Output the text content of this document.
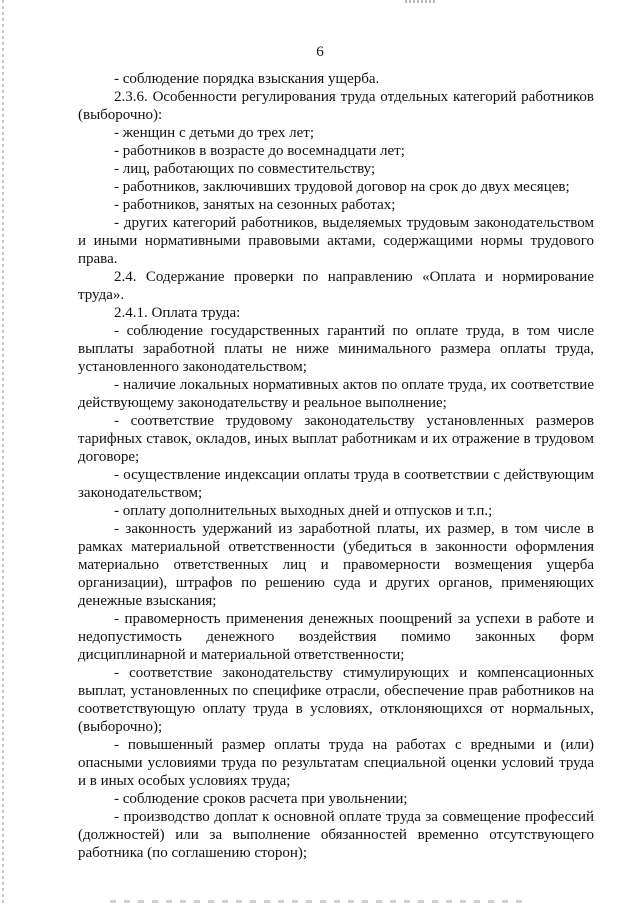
6

- соблюдение порядка взыскания ущерба.

2.3.6. Особенности регулирования труда отдельных категорий работников (выборочно):

- женщин с детьми до трех лет;

- работников в возрасте до восемнадцати лет;

- лиц, работающих по совместительству;

- работников, заключивших трудовой договор на срок до двух месяцев;

- работников, занятых на сезонных работах;

- других категорий работников, выделяемых трудовым законодательством и иными нормативными правовыми актами, содержащими нормы трудового права.

2.4. Содержание проверки по направлению «Оплата и нормирование труда».

2.4.1. Оплата труда:

- соблюдение государственных гарантий по оплате труда, в том числе выплаты заработной платы не ниже минимального размера оплаты труда, установленного законодательством;

- наличие локальных нормативных актов по оплате труда, их соответствие действующему законодательству и реальное выполнение;

- соответствие трудовому законодательству установленных размеров тарифных ставок, окладов, иных выплат работникам и их отражение в трудовом договоре;

- осуществление индексации оплаты труда в соответствии с действующим законодательством;

- оплату дополнительных выходных дней и отпусков и т.п.;

- законность удержаний из заработной платы, их размер, в том числе в рамках материальной ответственности (убедиться в законности оформления материально ответственных лиц и правомерности возмещения ущерба организации), штрафов по решению суда и других органов, применяющих денежные взыскания;

- правомерность применения денежных поощрений за успехи в работе и недопустимость денежного воздействия помимо законных форм дисциплинарной и материальной ответственности;

- соответствие законодательству стимулирующих и компенсационных выплат, установленных по специфике отрасли, обеспечение прав работников на соответствующую оплату труда в условиях, отклоняющихся от нормальных, (выборочно);

- повышенный размер оплаты труда на работах с вредными и (или) опасными условиями труда по результатам специальной оценки условий труда и в иных особых условиях труда;

- соблюдение сроков расчета при увольнении;

- производство доплат к основной оплате труда за совмещение профессий (должностей) или за выполнение обязанностей временно отсутствующего работника (по соглашению сторон);
